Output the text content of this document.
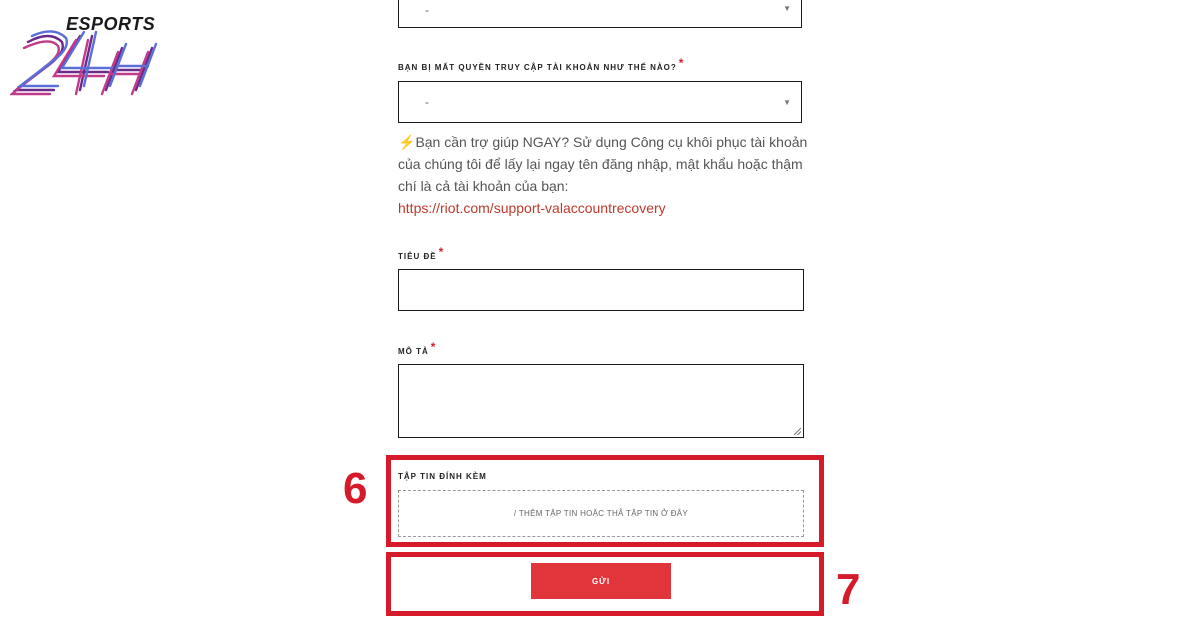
ESPORTS
-	▼
BẠN BỊ MẤT QUYỀN TRUY CẬP TÀI KHOẢN NHƯ THẾ NÀO? *
-	▼
⚡Bạn cần trợ giúp NGAY? Sử dụng Công cụ khôi phục tài khoản của chúng tôi để lấy lại ngay tên đăng nhập, mật khẩu hoặc thậm chí là cả tài khoản của bạn:
https://riot.com/support-valaccountrecovery
TIÊU ĐỀ *
MÔ TẢ *
TẬP TIN ĐÍNH KÈM
/ THÊM TẬP TIN HOẶC THẢ TẬP TIN Ở ĐÂY
GỬI
6
7
